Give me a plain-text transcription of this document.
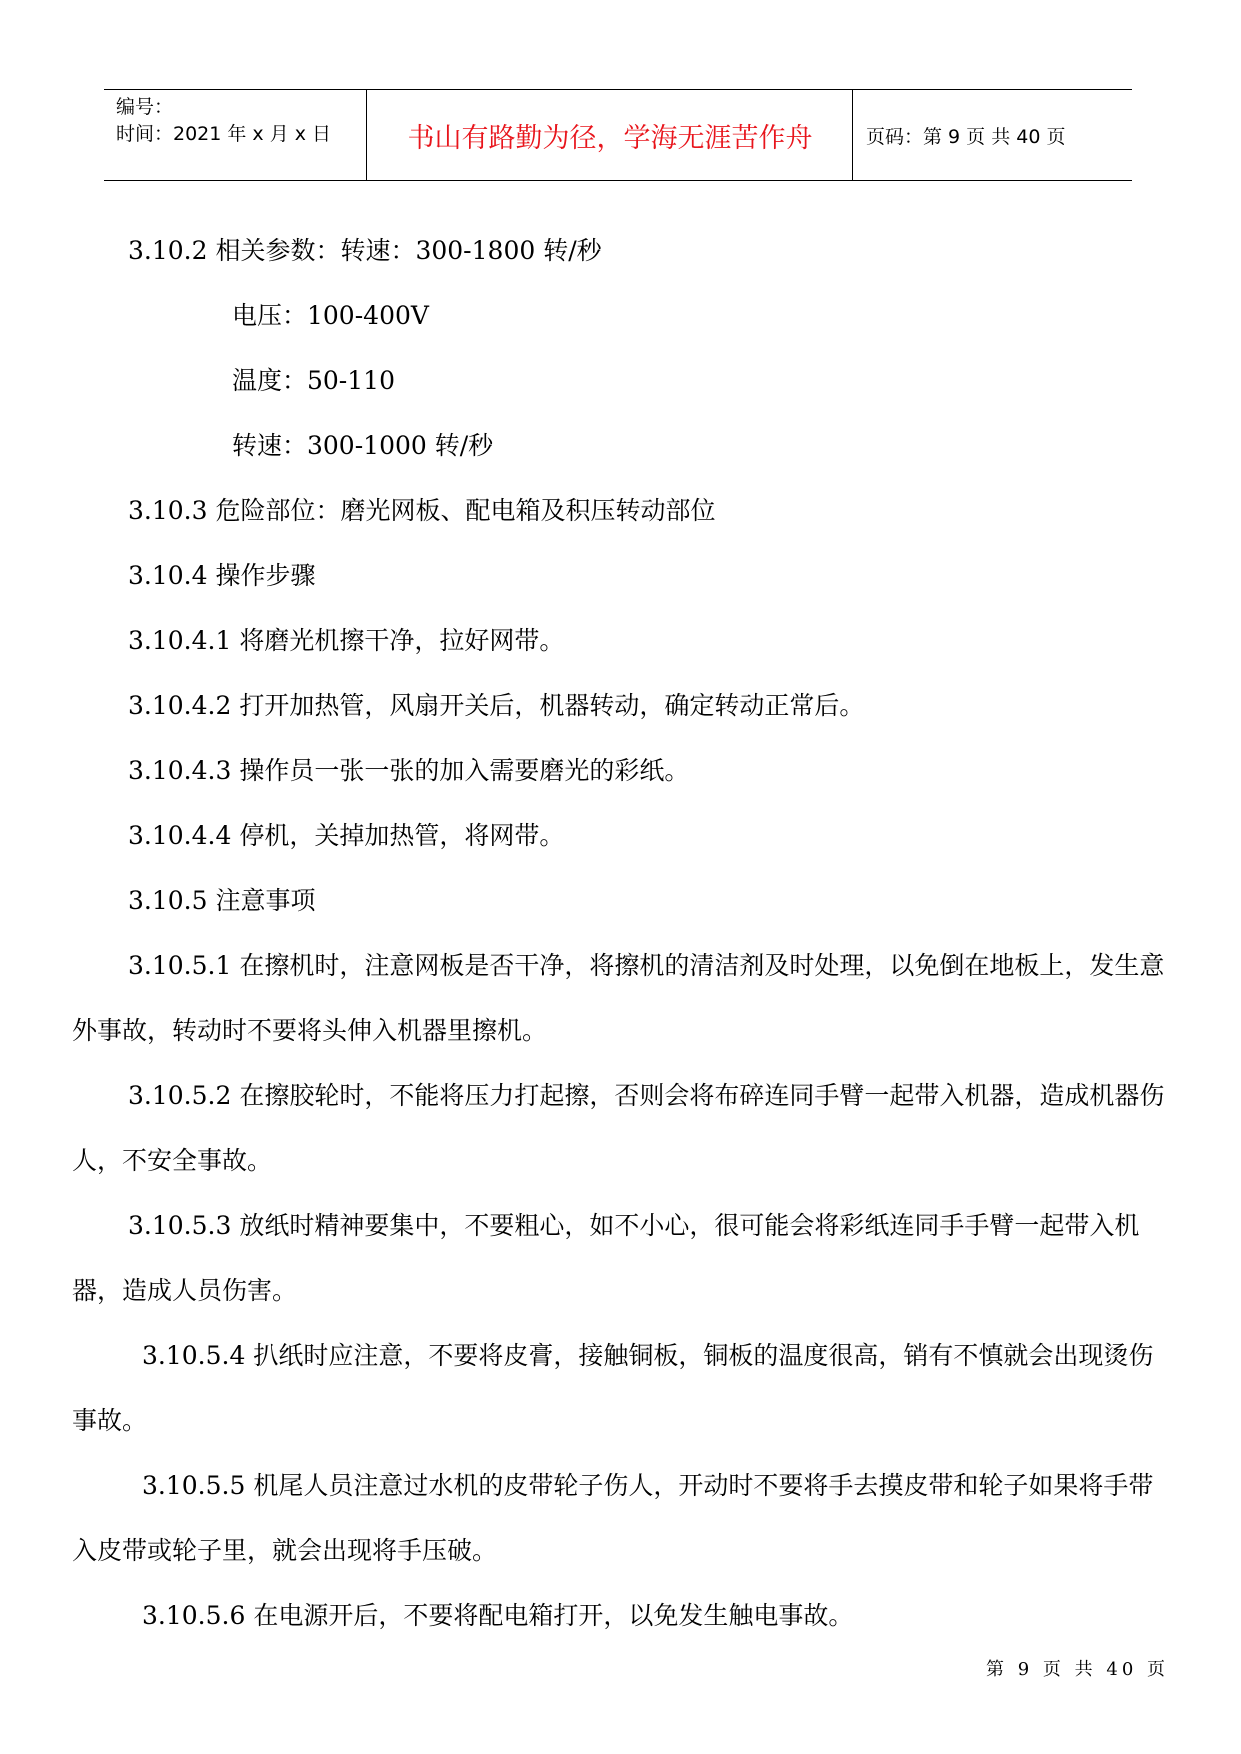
编号：
时间：2021 年 x 月 x 日	书山有路勤为径，学海无涯苦作舟	页码：第 9 页 共 40 页

3.10.2 相关参数：转速：300-1800 转/秒

电压：100-400V

温度：50-110

转速：300-1000 转/秒

3.10.3 危险部位：磨光网板、配电箱及积压转动部位

3.10.4 操作步骤

3.10.4.1 将磨光机擦干净，拉好网带。

3.10.4.2 打开加热管，风扇开关后，机器转动，确定转动正常后。

3.10.4.3 操作员一张一张的加入需要磨光的彩纸。

3.10.4.4 停机，关掉加热管，将网带。

3.10.5 注意事项

3.10.5.1 在擦机时，注意网板是否干净，将擦机的清洁剂及时处理，以免倒在地板上，发生意外事故，转动时不要将头伸入机器里擦机。

3.10.5.2 在擦胶轮时，不能将压力打起擦，否则会将布碎连同手臂一起带入机器，造成机器伤人，不安全事故。

3.10.5.3 放纸时精神要集中，不要粗心，如不小心，很可能会将彩纸连同手手臂一起带入机器，造成人员伤害。

3.10.5.4 扒纸时应注意，不要将皮膏，接触铜板，铜板的温度很高，销有不慎就会出现烫伤事故。

3.10.5.5 机尾人员注意过水机的皮带轮子伤人，开动时不要将手去摸皮带和轮子如果将手带入皮带或轮子里，就会出现将手压破。

3.10.5.6 在电源开后，不要将配电箱打开，以免发生触电事故。

第 9 页 共 40 页
